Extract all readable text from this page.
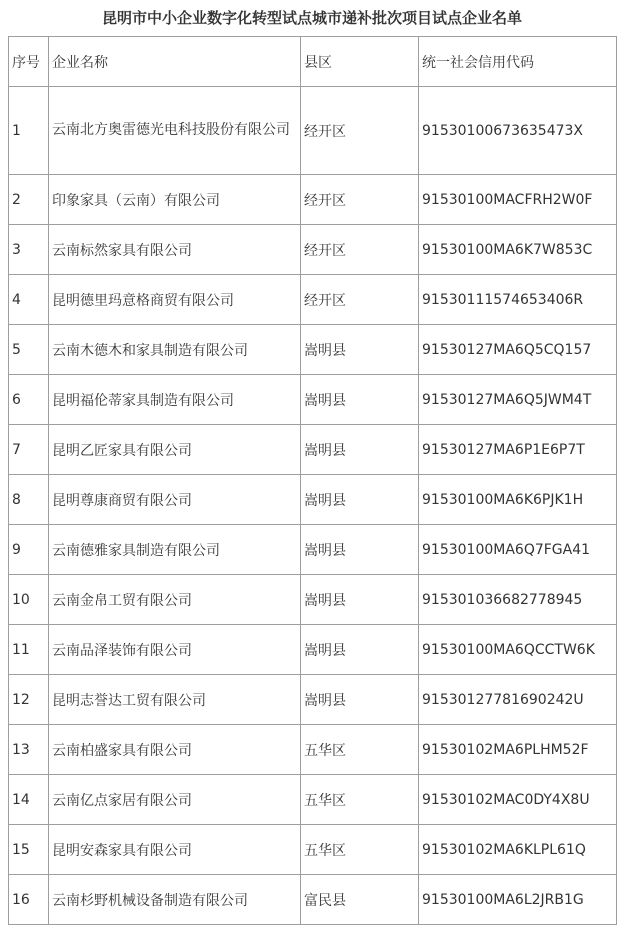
昆明市中小企业数字化转型试点城市递补批次项目试点企业名单
序号	企业名称	县区	统一社会信用代码
1	云南北方奥雷德光电科技股份有限公司	经开区	91530100673635473X
2	印象家具（云南）有限公司	经开区	91530100MACFRH2W0F
3	云南标然家具有限公司	经开区	91530100MA6K7W853C
4	昆明德里玛意格商贸有限公司	经开区	91530111574653406R
5	云南木德木和家具制造有限公司	嵩明县	91530127MA6Q5CQ157
6	昆明福伦蒂家具制造有限公司	嵩明县	91530127MA6Q5JWM4T
7	昆明乙匠家具有限公司	嵩明县	91530127MA6P1E6P7T
8	昆明尊康商贸有限公司	嵩明县	91530100MA6K6PJK1H
9	云南德雅家具制造有限公司	嵩明县	91530100MA6Q7FGA41
10	云南金帛工贸有限公司	嵩明县	915301036682778945
11	云南品泽装饰有限公司	嵩明县	91530100MA6QCCTW6K
12	昆明志誉达工贸有限公司	嵩明县	91530127781690242U
13	云南柏盛家具有限公司	五华区	91530102MA6PLHM52F
14	云南亿点家居有限公司	五华区	91530102MAC0DY4X8U
15	昆明安森家具有限公司	五华区	91530102MA6KLPL61Q
16	云南杉野机械设备制造有限公司	富民县	91530100MA6L2JRB1G
